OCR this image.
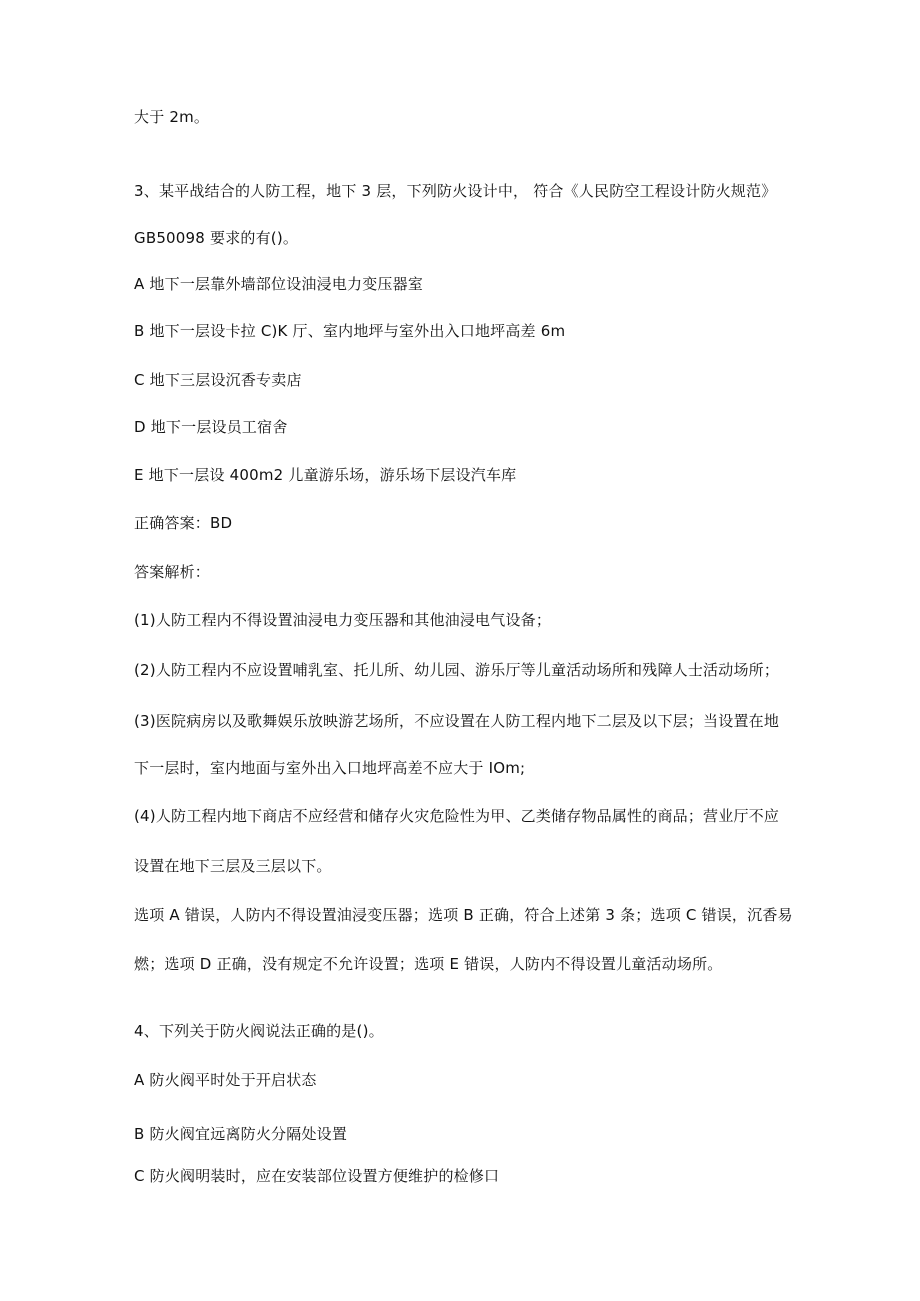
大于 2m。
3、某平战结合的人防工程，地下 3 层，下列防火设计中， 符合《人民防空工程设计防火规范》
GB50098 要求的有()。
A 地下一层靠外墙部位设油浸电力变压器室
B 地下一层设卡拉 C)K 厅、室内地坪与室外出入口地坪高差 6m
C 地下三层设沉香专卖店
D 地下一层设员工宿舍
E 地下一层设 400m2 儿童游乐场，游乐场下层设汽车库
正确答案：BD
答案解析：
(1)人防工程内不得设置油浸电力变压器和其他油浸电气设备；
(2)人防工程内不应设置哺乳室、托儿所、幼儿园、游乐厅等儿童活动场所和残障人士活动场所；
(3)医院病房以及歌舞娱乐放映游艺场所，不应设置在人防工程内地下二层及以下层；当设置在地
下一层时，室内地面与室外出入口地坪高差不应大于 IOm;
(4)人防工程内地下商店不应经营和储存火灾危险性为甲、乙类储存物品属性的商品；营业厅不应
设置在地下三层及三层以下。
选项 A 错误，人防内不得设置油浸变压器；选项 B 正确，符合上述第 3 条；选项 C 错误，沉香易
燃；选项 D 正确，没有规定不允许设置；选项 E 错误，人防内不得设置儿童活动场所。
4、下列关于防火阀说法正确的是()。
A 防火阀平时处于开启状态
B 防火阀宜远离防火分隔处设置
C 防火阀明装时，应在安装部位设置方便维护的检修口
